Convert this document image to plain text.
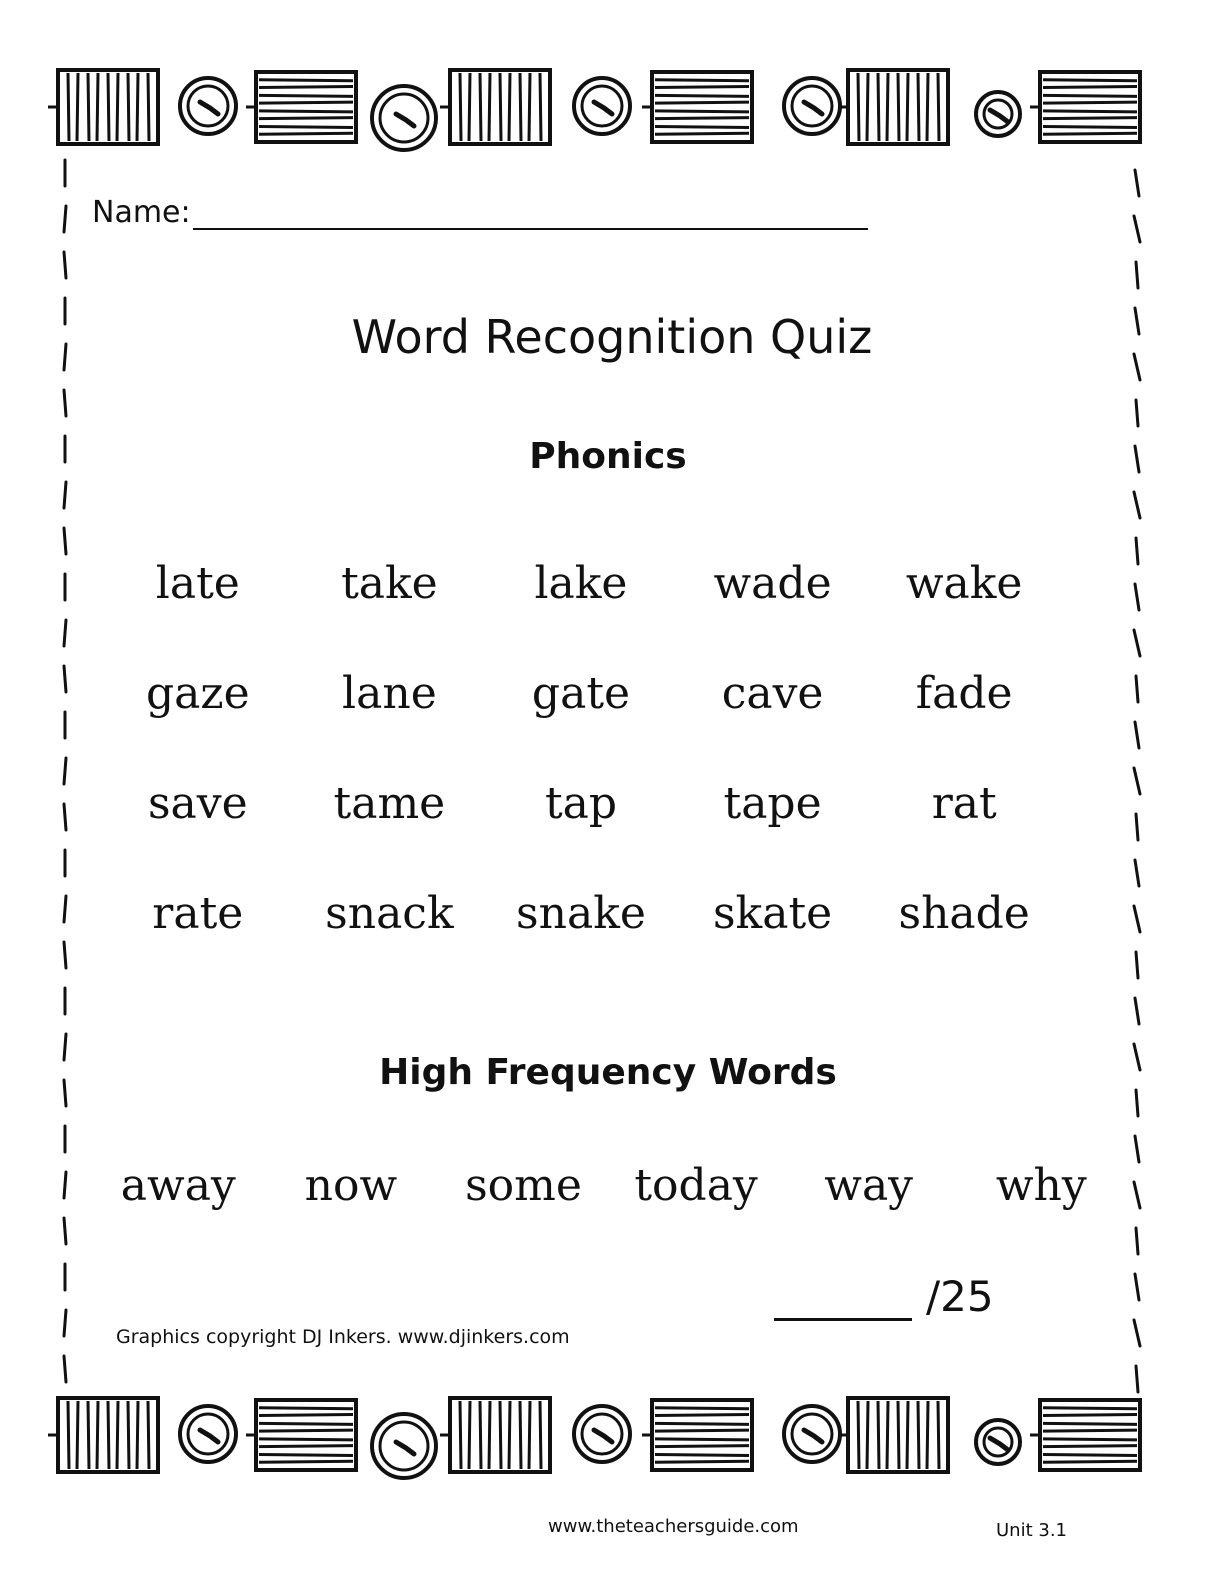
Name:
Word Recognition Quiz
Phonics
late	take	lake	wade	wake
gaze	lane	gate	cave	fade
save	tame	tap	tape	rat
rate	snack	snake	skate	shade
High Frequency Words
away	now	some	today	way	why
/25
Graphics copyright DJ Inkers. www.djinkers.com
www.theteachersguide.com	Unit 3.1
